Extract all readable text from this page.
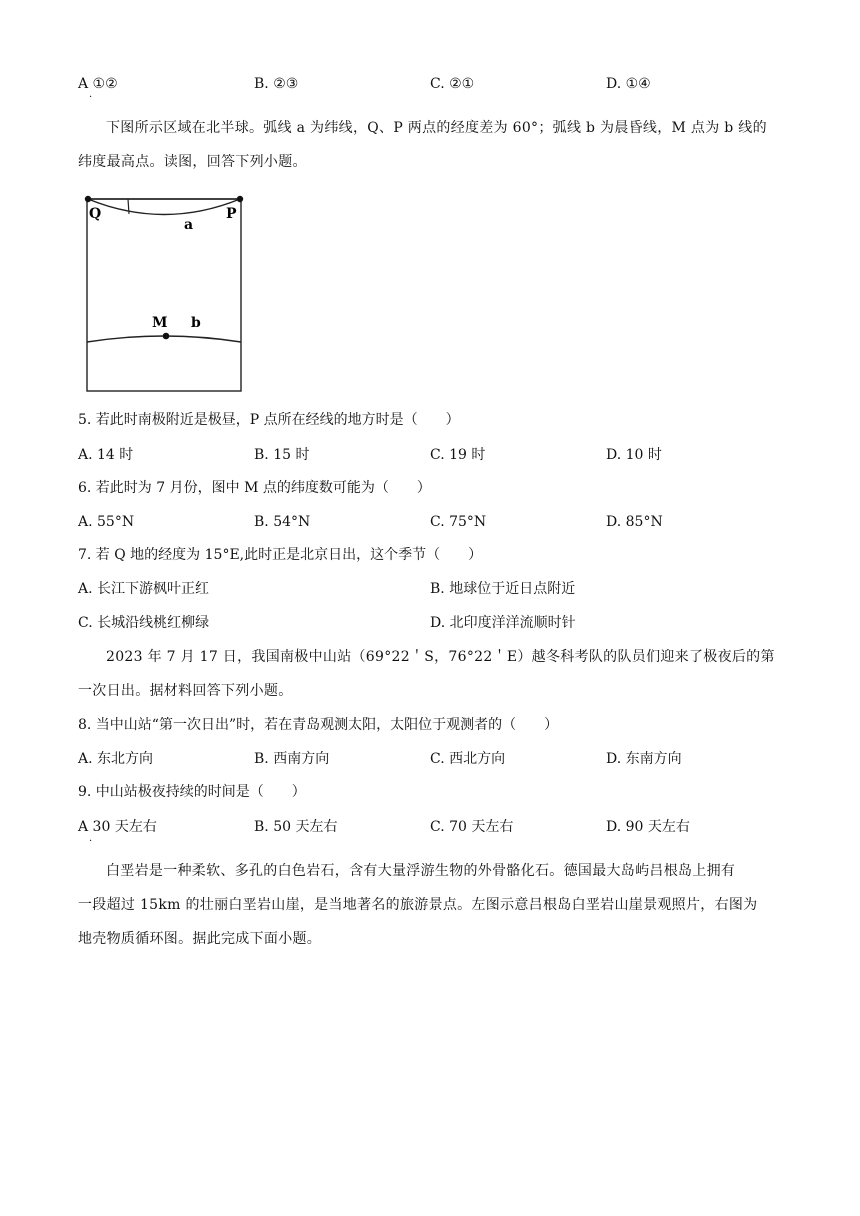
A ①②
·
B. ②③	C. ②①	D. ①④
下图所示区域在北半球。弧线 a 为纬线，Q、P 两点的经度差为 60°；弧线 b 为晨昏线，M 点为 b 线的
纬度最高点。读图，回答下列小题。
Q	P
a
M b
5. 若此时南极附近是极昼，P 点所在经线的地方时是（　　）
A. 14 时	B. 15 时	C. 19 时	D. 10 时
6. 若此时为 7 月份，图中 M 点的纬度数可能为（　　）
A. 55°N	B. 54°N	C. 75°N	D. 85°N
7. 若 Q 地的经度为 15°E,此时正是北京日出，这个季节（　　）
A. 长江下游枫叶正红	B. 地球位于近日点附近
C. 长城沿线桃红柳绿	D. 北印度洋洋流顺时针
2023 年 7 月 17 日，我国南极中山站（69°22＇S，76°22＇E）越冬科考队的队员们迎来了极夜后的第
一次日出。据材料回答下列小题。
8. 当中山站“第一次日出”时，若在青岛观测太阳，太阳位于观测者的（　　）
A. 东北方向	B. 西南方向	C. 西北方向	D. 东南方向
9. 中山站极夜持续的时间是（　　）
A 30 天左右
·
B. 50 天左右	C. 70 天左右	D. 90 天左右
白垩岩是一种柔软、多孔的白色岩石，含有大量浮游生物的外骨骼化石。德国最大岛屿吕根岛上拥有
一段超过 15km 的壮丽白垩岩山崖，是当地著名的旅游景点。左图示意吕根岛白垩岩山崖景观照片，右图为
地壳物质循环图。据此完成下面小题。
